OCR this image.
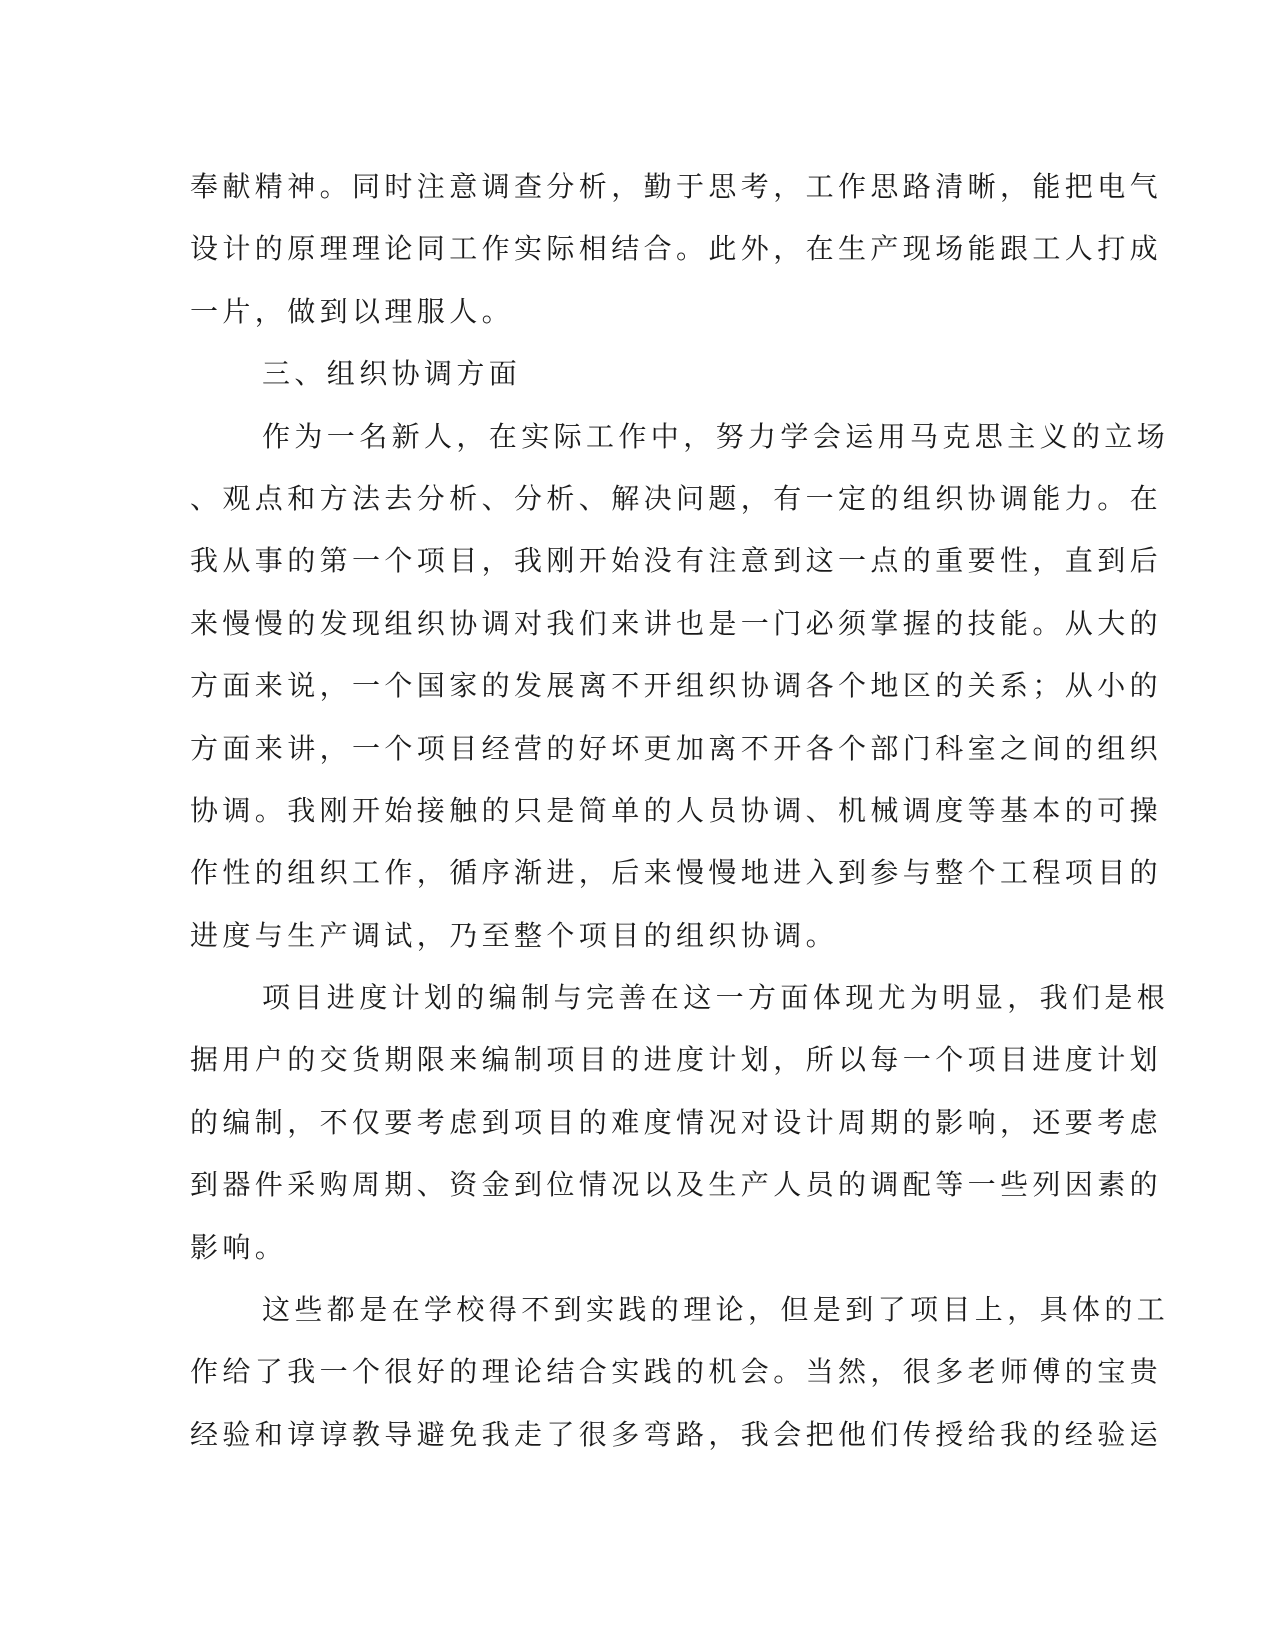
奉献精神。同时注意调查分析，勤于思考，工作思路清晰，能把电气

设计的原理理论同工作实际相结合。此外，在生产现场能跟工人打成

一片，做到以理服人。

三、组织协调方面

作为一名新人，在实际工作中，努力学会运用马克思主义的立场

、观点和方法去分析、分析、解决问题，有一定的组织协调能力。在

我从事的第一个项目，我刚开始没有注意到这一点的重要性，直到后

来慢慢的发现组织协调对我们来讲也是一门必须掌握的技能。从大的

方面来说，一个国家的发展离不开组织协调各个地区的关系；从小的

方面来讲，一个项目经营的好坏更加离不开各个部门科室之间的组织

协调。我刚开始接触的只是简单的人员协调、机械调度等基本的可操

作性的组织工作，循序渐进，后来慢慢地进入到参与整个工程项目的

进度与生产调试，乃至整个项目的组织协调。

项目进度计划的编制与完善在这一方面体现尤为明显，我们是根

据用户的交货期限来编制项目的进度计划，所以每一个项目进度计划

的编制，不仅要考虑到项目的难度情况对设计周期的影响，还要考虑

到器件采购周期、资金到位情况以及生产人员的调配等一些列因素的

影响。

这些都是在学校得不到实践的理论，但是到了项目上，具体的工

作给了我一个很好的理论结合实践的机会。当然，很多老师傅的宝贵

经验和谆谆教导避免我走了很多弯路，我会把他们传授给我的经验运
